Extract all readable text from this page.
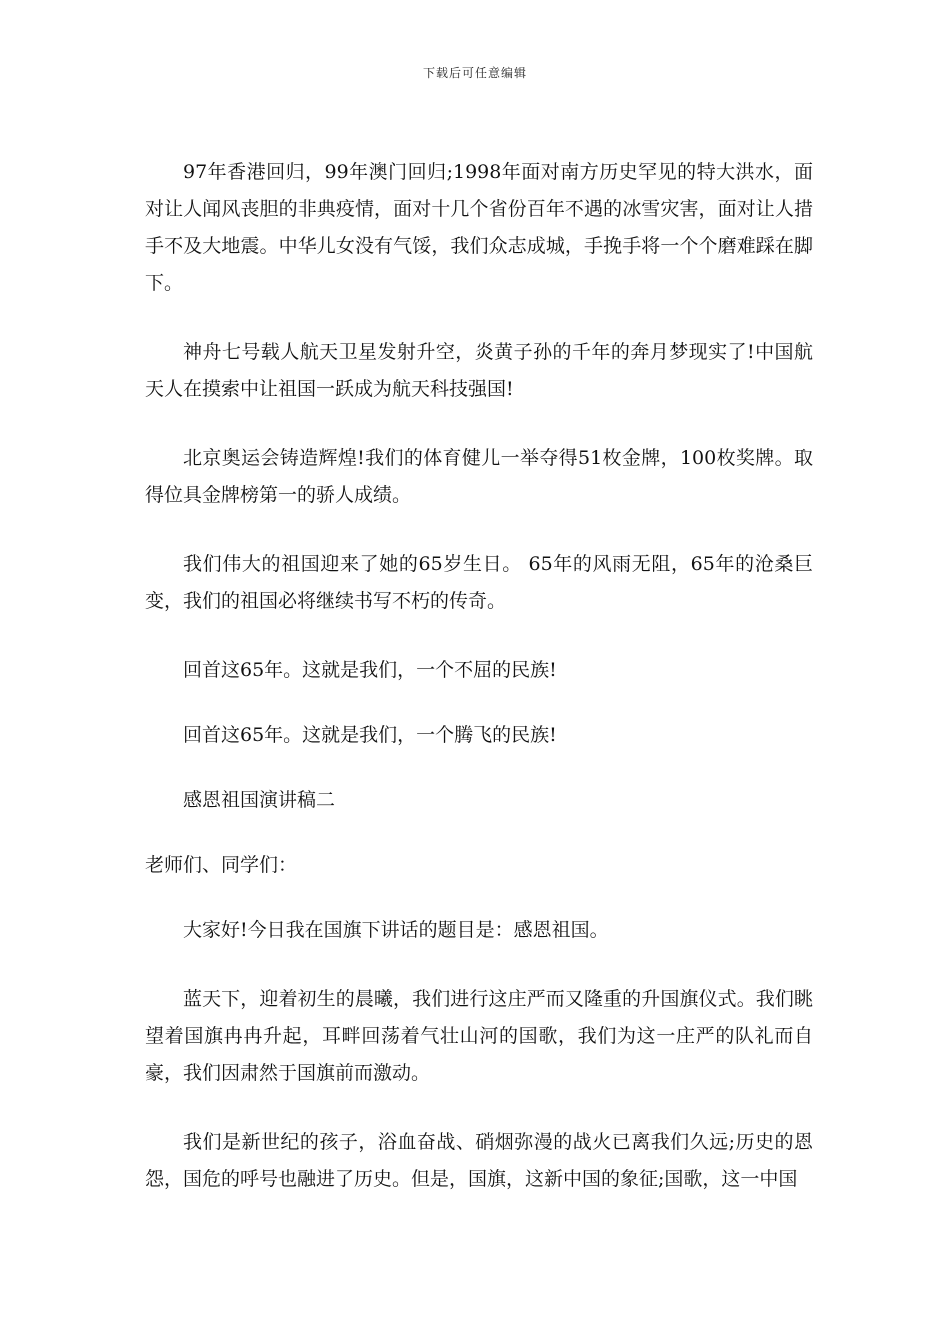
下载后可任意编辑

97年香港回归，99年澳门回归;1998年面对南方历史罕见的特大洪水，面对让人闻风丧胆的非典疫情，面对十几个省份百年不遇的冰雪灾害，面对让人措手不及大地震。中华儿女没有气馁，我们众志成城，手挽手将一个个磨难踩在脚下。

神舟七号载人航天卫星发射升空，炎黄子孙的千年的奔月梦现实了!中国航天人在摸索中让祖国一跃成为航天科技强国!

北京奥运会铸造辉煌!我们的体育健儿一举夺得51枚金牌，100枚奖牌。取得位具金牌榜第一的骄人成绩。

我们伟大的祖国迎来了她的65岁生日。 65年的风雨无阻，65年的沧桑巨变，我们的祖国必将继续书写不朽的传奇。

回首这65年。这就是我们，一个不屈的民族!

回首这65年。这就是我们，一个腾飞的民族!

感恩祖国演讲稿二

老师们、同学们：

大家好!今日我在国旗下讲话的题目是：感恩祖国。

蓝天下，迎着初生的晨曦，我们进行这庄严而又隆重的升国旗仪式。我们眺望着国旗冉冉升起，耳畔回荡着气壮山河的国歌，我们为这一庄严的队礼而自豪，我们因肃然于国旗前而激动。

我们是新世纪的孩子，浴血奋战、硝烟弥漫的战火已离我们久远;历史的恩怨，国危的呼号也融进了历史。但是，国旗，这新中国的象征;国歌，这一中国
